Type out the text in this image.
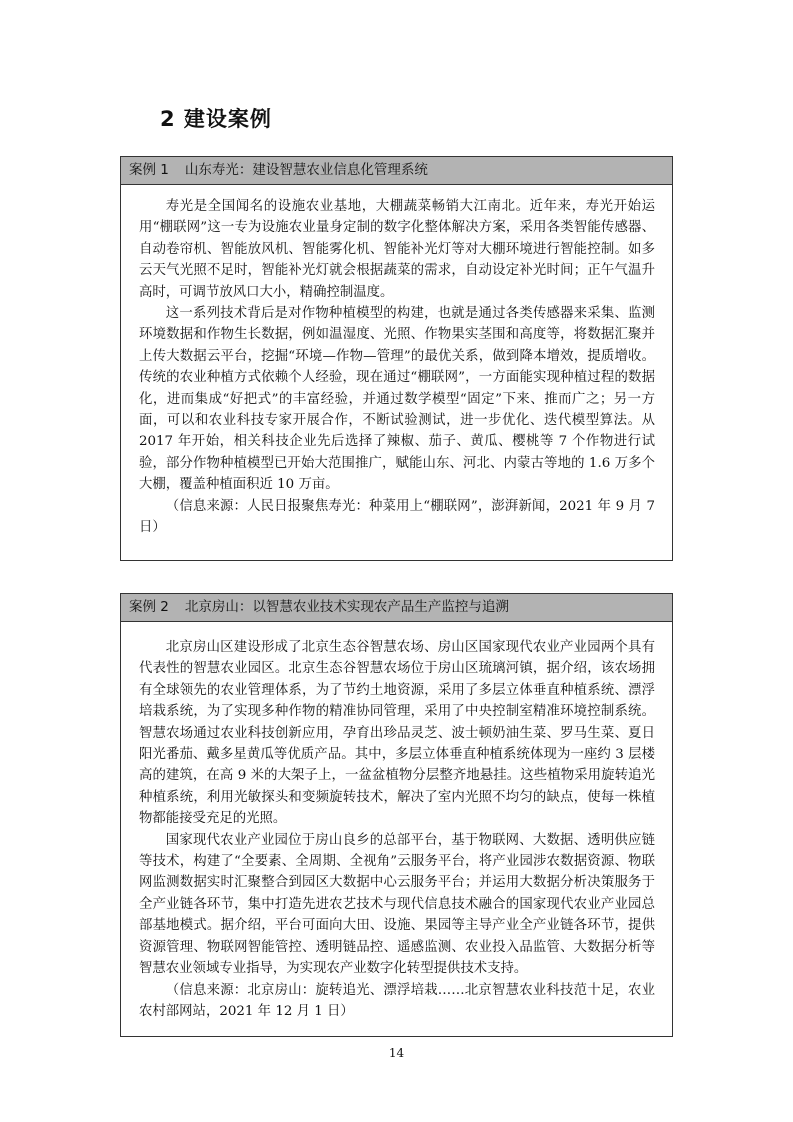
2 建设案例
案例 1 山东寿光：建设智慧农业信息化管理系统

寿光是全国闻名的设施农业基地，大棚蔬菜畅销大江南北。近年来，寿光开始运用“棚联网”这一专为设施农业量身定制的数字化整体解决方案，采用各类智能传感器、自动卷帘机、智能放风机、智能雾化机、智能补光灯等对大棚环境进行智能控制。如多云天气光照不足时，智能补光灯就会根据蔬菜的需求，自动设定补光时间；正午气温升高时，可调节放风口大小，精确控制温度。

这一系列技术背后是对作物种植模型的构建，也就是通过各类传感器来采集、监测环境数据和作物生长数据，例如温湿度、光照、作物果实茎围和高度等，将数据汇聚并上传大数据云平台，挖掘“环境—作物—管理”的最优关系，做到降本增效，提质增收。传统的农业种植方式依赖个人经验，现在通过“棚联网”，一方面能实现种植过程的数据化，进而集成“好把式”的丰富经验，并通过数学模型“固定”下来、推而广之；另一方面，可以和农业科技专家开展合作，不断试验测试，进一步优化、迭代模型算法。从 2017 年开始，相关科技企业先后选择了辣椒、茄子、黄瓜、樱桃等 7 个作物进行试验，部分作物种植模型已开始大范围推广，赋能山东、河北、内蒙古等地的 1.6 万多个大棚，覆盖种植面积近 10 万亩。

（信息来源：人民日报聚焦寿光：种菜用上“棚联网”，澎湃新闻，2021 年 9 月 7 日）

案例 2 北京房山：以智慧农业技术实现农产品生产监控与追溯

北京房山区建设形成了北京生态谷智慧农场、房山区国家现代农业产业园两个具有代表性的智慧农业园区。北京生态谷智慧农场位于房山区琉璃河镇，据介绍，该农场拥有全球领先的农业管理体系，为了节约土地资源，采用了多层立体垂直种植系统、漂浮培栽系统，为了实现多种作物的精准协同管理，采用了中央控制室精准环境控制系统。智慧农场通过农业科技创新应用，孕育出珍品灵芝、波士顿奶油生菜、罗马生菜、夏日阳光番茄、戴多星黄瓜等优质产品。其中，多层立体垂直种植系统体现为一座约 3 层楼高的建筑，在高 9 米的大架子上，一盆盆植物分层整齐地悬挂。这些植物采用旋转追光种植系统，利用光敏探头和变频旋转技术，解决了室内光照不均匀的缺点，使每一株植物都能接受充足的光照。

国家现代农业产业园位于房山良乡的总部平台，基于物联网、大数据、透明供应链等技术，构建了“全要素、全周期、全视角”云服务平台，将产业园涉农数据资源、物联网监测数据实时汇聚整合到园区大数据中心云服务平台；并运用大数据分析决策服务于全产业链各环节，集中打造先进农艺技术与现代信息技术融合的国家现代农业产业园总部基地模式。据介绍，平台可面向大田、设施、果园等主导产业全产业链各环节，提供资源管理、物联网智能管控、透明链品控、遥感监测、农业投入品监管、大数据分析等智慧农业领域专业指导，为实现农产业数字化转型提供技术支持。

（信息来源：北京房山：旋转追光、漂浮培栽……北京智慧农业科技范十足，农业农村部网站，2021 年 12 月 1 日）

14
